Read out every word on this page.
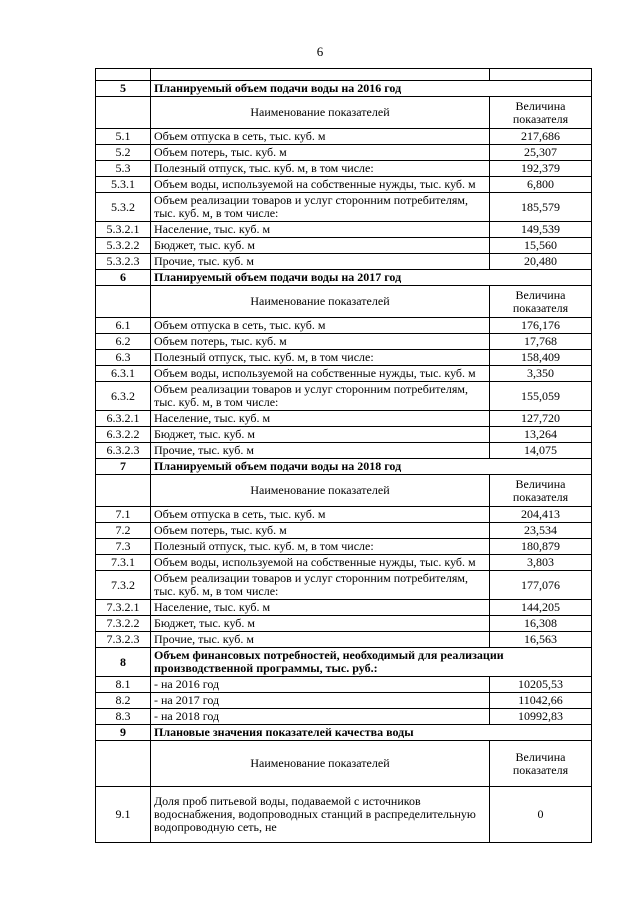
6

5	Планируемый объем подачи воды на 2016 год	
	Наименование показателей	Величина показателя
5.1	Объем отпуска в сеть, тыс. куб. м	217,686
5.2	Объем потерь, тыс. куб. м	25,307
5.3	Полезный отпуск, тыс. куб. м, в том числе:	192,379
5.3.1	Объем воды, используемой на собственные нужды, тыс. куб. м	6,800
5.3.2	Объем реализации товаров и услуг сторонним потребителям, тыс. куб. м, в том числе:	185,579
5.3.2.1	Население, тыс. куб. м	149,539
5.3.2.2	Бюджет, тыс. куб. м	15,560
5.3.2.3	Прочие, тыс. куб. м	20,480
6	Планируемый объем подачи воды на 2017 год	
	Наименование показателей	Величина показателя
6.1	Объем отпуска в сеть, тыс. куб. м	176,176
6.2	Объем потерь, тыс. куб. м	17,768
6.3	Полезный отпуск, тыс. куб. м, в том числе:	158,409
6.3.1	Объем воды, используемой на собственные нужды, тыс. куб. м	3,350
6.3.2	Объем реализации товаров и услуг сторонним потребителям, тыс. куб. м, в том числе:	155,059
6.3.2.1	Население, тыс. куб. м	127,720
6.3.2.2	Бюджет, тыс. куб. м	13,264
6.3.2.3	Прочие, тыс. куб. м	14,075
7	Планируемый объем подачи воды на 2018 год	
	Наименование показателей	Величина показателя
7.1	Объем отпуска в сеть, тыс. куб. м	204,413
7.2	Объем потерь, тыс. куб. м	23,534
7.3	Полезный отпуск, тыс. куб. м, в том числе:	180,879
7.3.1	Объем воды, используемой на собственные нужды, тыс. куб. м	3,803
7.3.2	Объем реализации товаров и услуг сторонним потребителям, тыс. куб. м, в том числе:	177,076
7.3.2.1	Население, тыс. куб. м	144,205
7.3.2.2	Бюджет, тыс. куб. м	16,308
7.3.2.3	Прочие, тыс. куб. м	16,563
8	Объем финансовых потребностей, необходимый для реализации производственной программы, тыс. руб.:	
8.1	- на 2016 год	10205,53
8.2	- на 2017 год	11042,66
8.3	- на 2018 год	10992,83
9	Плановые значения показателей качества воды	
	Наименование показателей	Величина показателя
9.1	Доля проб питьевой воды, подаваемой с источников водоснабжения, водопроводных станций в распределительную водопроводную сеть, не	0
